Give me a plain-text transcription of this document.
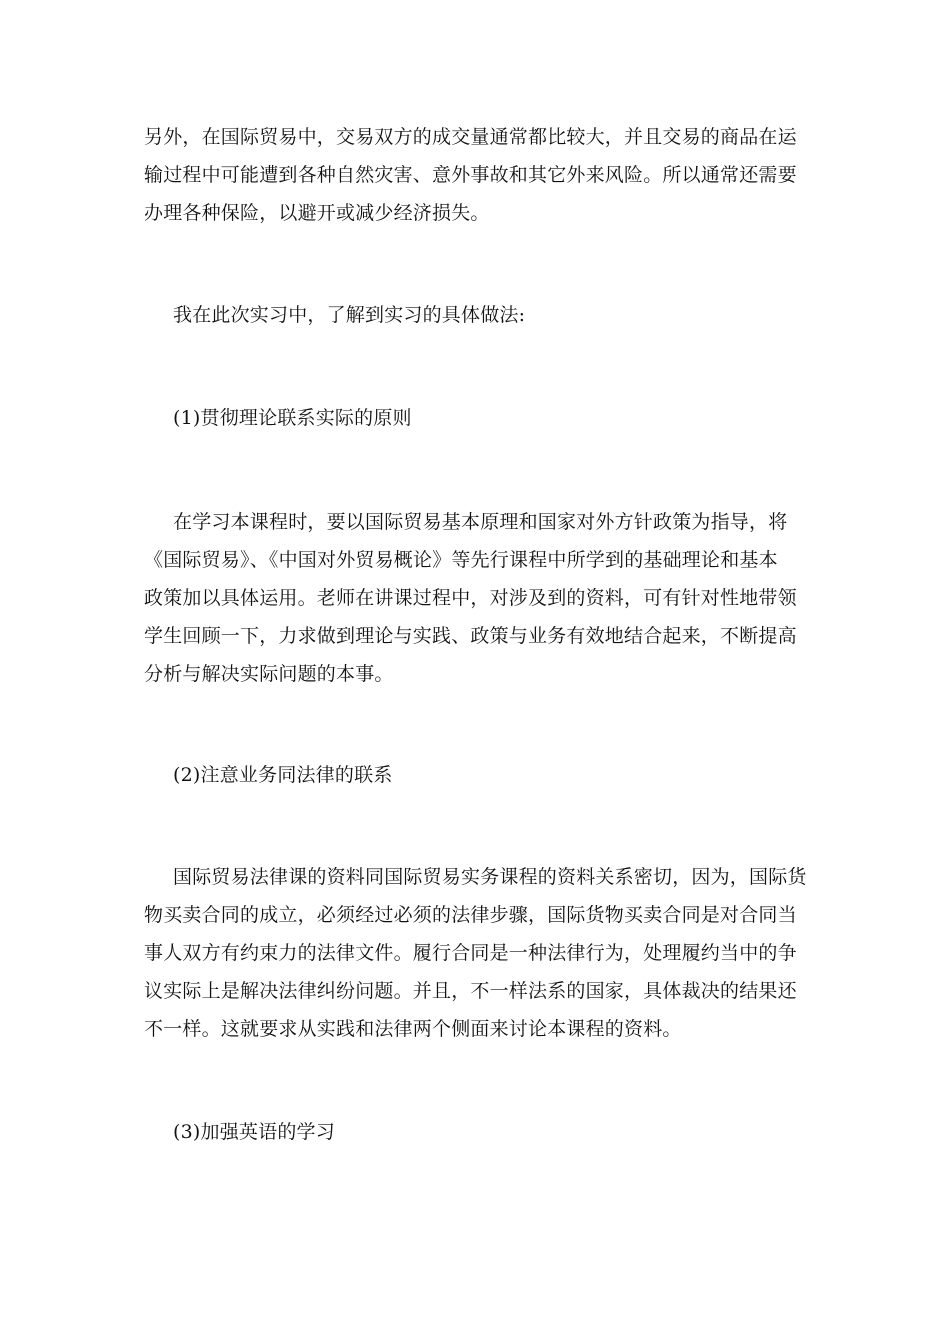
另外，在国际贸易中，交易双方的成交量通常都比较大，并且交易的商品在运
输过程中可能遭到各种自然灾害、意外事故和其它外来风险。所以通常还需要
办理各种保险，以避开或减少经济损失。

我在此次实习中，了解到实习的具体做法:

(1)贯彻理论联系实际的原则

在学习本课程时，要以国际贸易基本原理和国家对外方针政策为指导，将
《国际贸易》、《中国对外贸易概论》等先行课程中所学到的基础理论和基本
政策加以具体运用。老师在讲课过程中，对涉及到的资料，可有针对性地带领
学生回顾一下，力求做到理论与实践、政策与业务有效地结合起来，不断提高
分析与解决实际问题的本事。

(2)注意业务同法律的联系

国际贸易法律课的资料同国际贸易实务课程的资料关系密切，因为，国际货
物买卖合同的成立，必须经过必须的法律步骤，国际货物买卖合同是对合同当
事人双方有约束力的法律文件。履行合同是一种法律行为，处理履约当中的争
议实际上是解决法律纠纷问题。并且，不一样法系的国家，具体裁决的结果还
不一样。这就要求从实践和法律两个侧面来讨论本课程的资料。

(3)加强英语的学习
